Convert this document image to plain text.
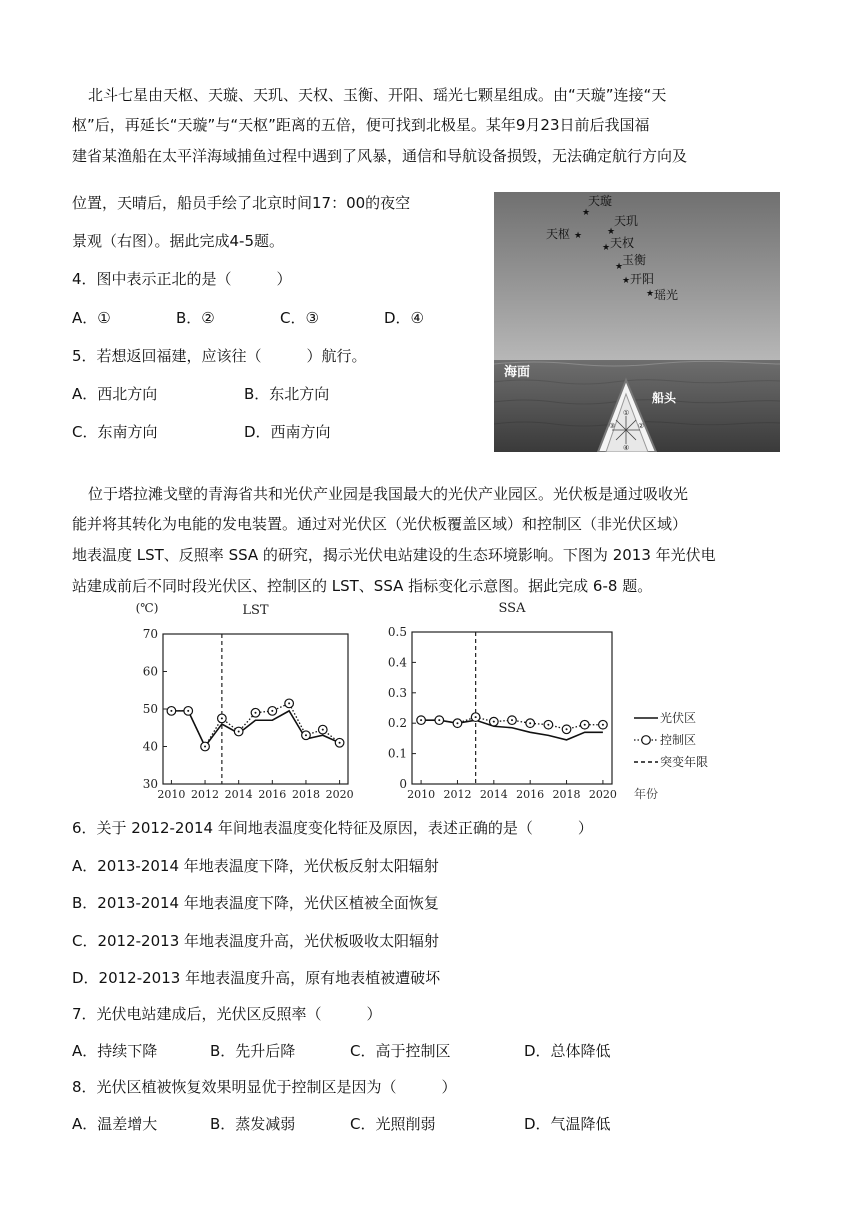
北斗七星由天枢、天璇、天玑、天权、玉衡、开阳、瑶光七颗星组成。由“天璇”连接“天
枢”后，再延长“天璇”与“天枢”距离的五倍，便可找到北极星。某年9月23日前后我国福
建省某渔船在太平洋海域捕鱼过程中遇到了风暴，通信和导航设备损毁，无法确定航行方向及
位置，天晴后，船员手绘了北京时间17：00的夜空
景观（右图）。据此完成4-5题。
天璇
★
天玑
★
天枢 ★ 天权
★
玉衡
★
开阳
★
瑶光
★
海面
船头
①
②
③
④
4．图中表示正北的是（　　　）
A．①	B．②	C．③	D．④
5．若想返回福建，应该往（　　　）航行。
A．西北方向	B．东北方向
C．东南方向	D．西南方向
位于塔拉滩戈壁的青海省共和光伏产业园是我国最大的光伏产业园区。光伏板是通过吸收光
能并将其转化为电能的发电装置。通过对光伏区（光伏板覆盖区域）和控制区（非光伏区域）
地表温度 LST、反照率 SSA 的研究，揭示光伏电站建设的生态环境影响。下图为 2013 年光伏电
站建成前后不同时段光伏区、控制区的 LST、SSA 指标变化示意图。据此完成 6-8 题。
LST
(℃)
30
40
50
60
70
2010 2012 2014 2016 2018 2020
SSA
0
0.1
0.2
0.3
0.4
0.5
2010 2012 2014 2016 2018 2020 年份
光伏区
控制区
突变年限
6．关于 2012-2014 年间地表温度变化特征及原因，表述正确的是（　　　）
A．2013-2014 年地表温度下降，光伏板反射太阳辐射
B．2013-2014 年地表温度下降，光伏区植被全面恢复
C．2012-2013 年地表温度升高，光伏板吸收太阳辐射
D．2012-2013 年地表温度升高，原有地表植被遭破坏
7．光伏电站建成后，光伏区反照率（　　　）
A．持续下降	B．先升后降	C．高于控制区	D．总体降低
8．光伏区植被恢复效果明显优于控制区是因为（　　　）
A．温差增大	B．蒸发减弱	C．光照削弱	D．气温降低
